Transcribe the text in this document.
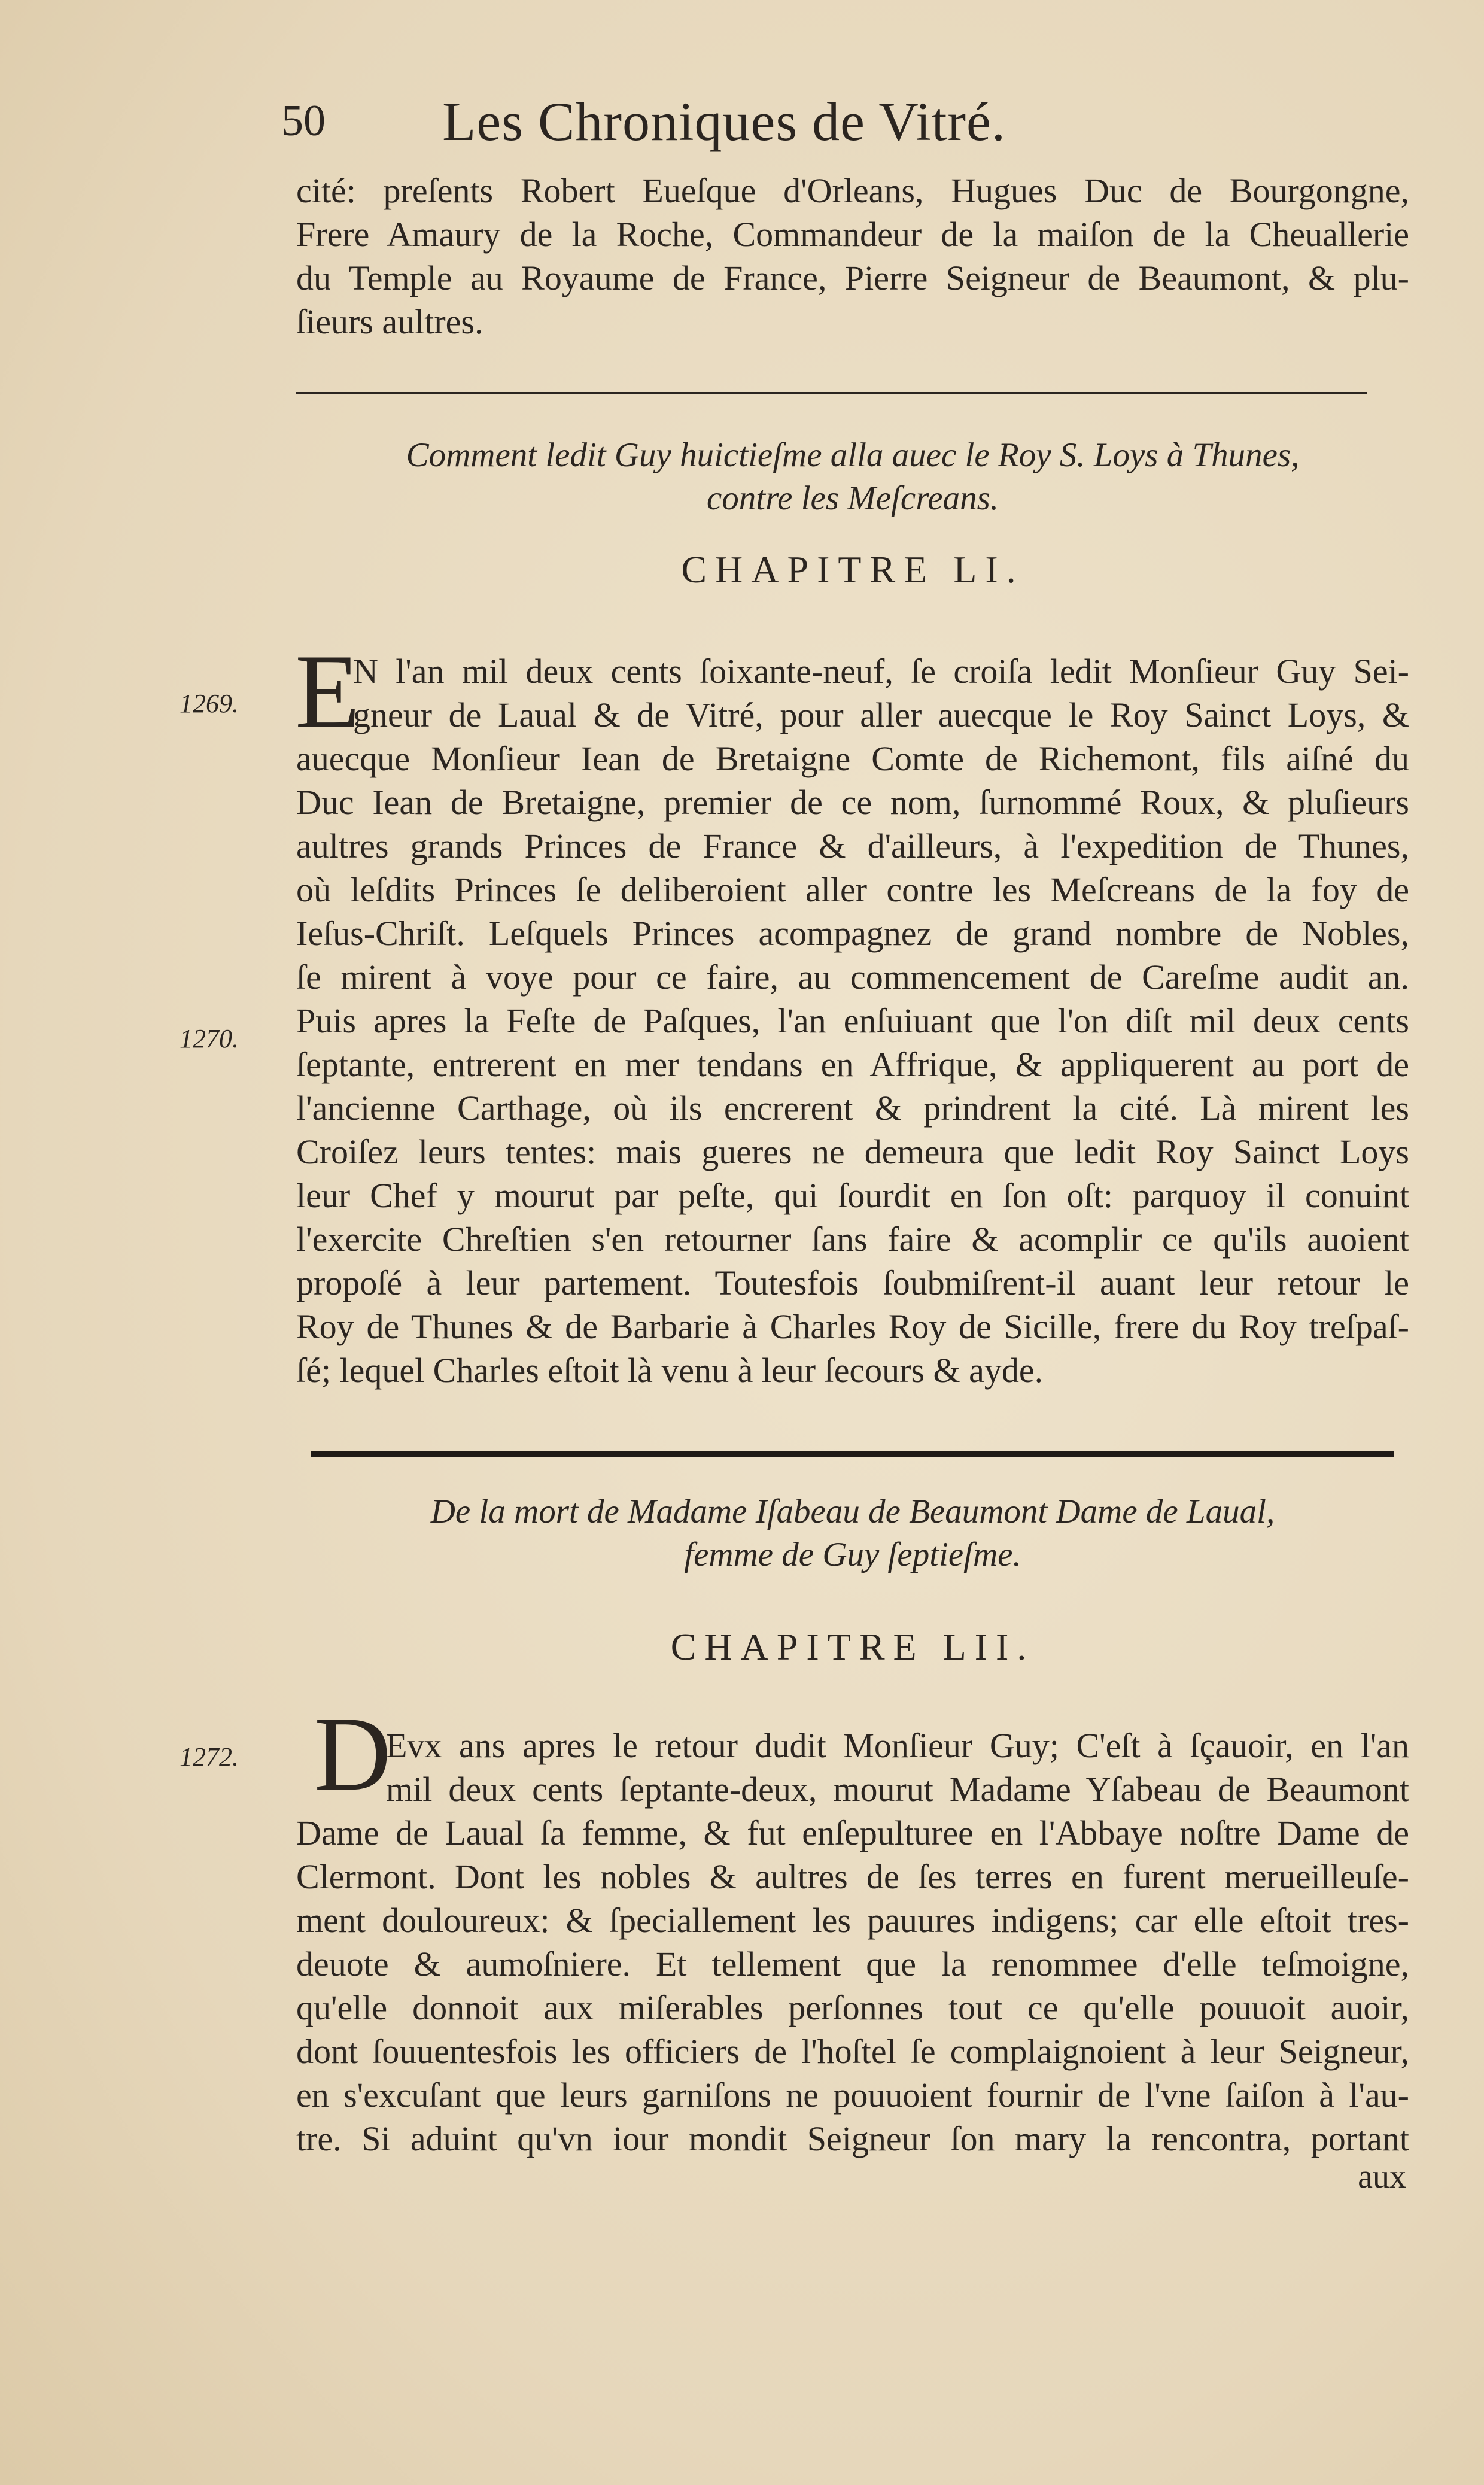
50	Les Chroniques de Vitré.
cité: preſents Robert Eueſque d'Orleans, Hugues Duc de Bourgongne,
Frere Amaury de la Roche, Commandeur de la maiſon de la Cheuallerie
du Temple au Royaume de France, Pierre Seigneur de Beaumont, & plu-
ſieurs aultres.
Comment ledit Guy huictieſme alla auec le Roy S. Loys à Thunes,
contre les Meſcreans.
CHAPITRE LI.
1269.
1270.
E
N l'an mil deux cents ſoixante-neuf, ſe croiſa ledit Monſieur Guy Sei-
gneur de Laual & de Vitré, pour aller auecque le Roy Sainct Loys, &
auecque Monſieur Iean de Bretaigne Comte de Richemont, fils aiſné du
Duc Iean de Bretaigne, premier de ce nom, ſurnommé Roux, & pluſieurs
aultres grands Princes de France & d'ailleurs, à l'expedition de Thunes,
où leſdits Princes ſe deliberoient aller contre les Meſcreans de la foy de
Ieſus-Chriſt. Leſquels Princes acompagnez de grand nombre de Nobles,
ſe mirent à voye pour ce faire, au commencement de Careſme audit an.
Puis apres la Feſte de Paſques, l'an enſuiuant que l'on diſt mil deux cents
ſeptante, entrerent en mer tendans en Affrique, & appliquerent au port de
l'ancienne Carthage, où ils encrerent & prindrent la cité. Là mirent les
Croiſez leurs tentes: mais gueres ne demeura que ledit Roy Sainct Loys
leur Chef y mourut par peſte, qui ſourdit en ſon oſt: parquoy il conuint
l'exercite Chreſtien s'en retourner ſans faire & acomplir ce qu'ils auoient
propoſé à leur partement. Toutesfois ſoubmiſrent-il auant leur retour le
Roy de Thunes & de Barbarie à Charles Roy de Sicille, frere du Roy treſpaſ-
ſé; lequel Charles eſtoit là venu à leur ſecours & ayde.
De la mort de Madame Iſabeau de Beaumont Dame de Laual,
femme de Guy ſeptieſme.
CHAPITRE LII.
1272. D
Evx ans apres le retour dudit Monſieur Guy; C'eſt à ſçauoir, en l'an
mil deux cents ſeptante-deux, mourut Madame Yſabeau de Beaumont
Dame de Laual ſa femme, & fut enſepulturee en l'Abbaye noſtre Dame de
Clermont. Dont les nobles & aultres de ſes terres en furent merueilleuſe-
ment douloureux: & ſpeciallement les pauures indigens; car elle eſtoit tres-
deuote & aumoſniere. Et tellement que la renommee d'elle teſmoigne,
qu'elle donnoit aux miſerables perſonnes tout ce qu'elle pouuoit auoir,
dont ſouuentesfois les officiers de l'hoſtel ſe complaignoient à leur Seigneur,
en s'excuſant que leurs garniſons ne pouuoient fournir de l'vne ſaiſon à l'au-
tre. Si aduint qu'vn iour mondit Seigneur ſon mary la rencontra, portant
aux
